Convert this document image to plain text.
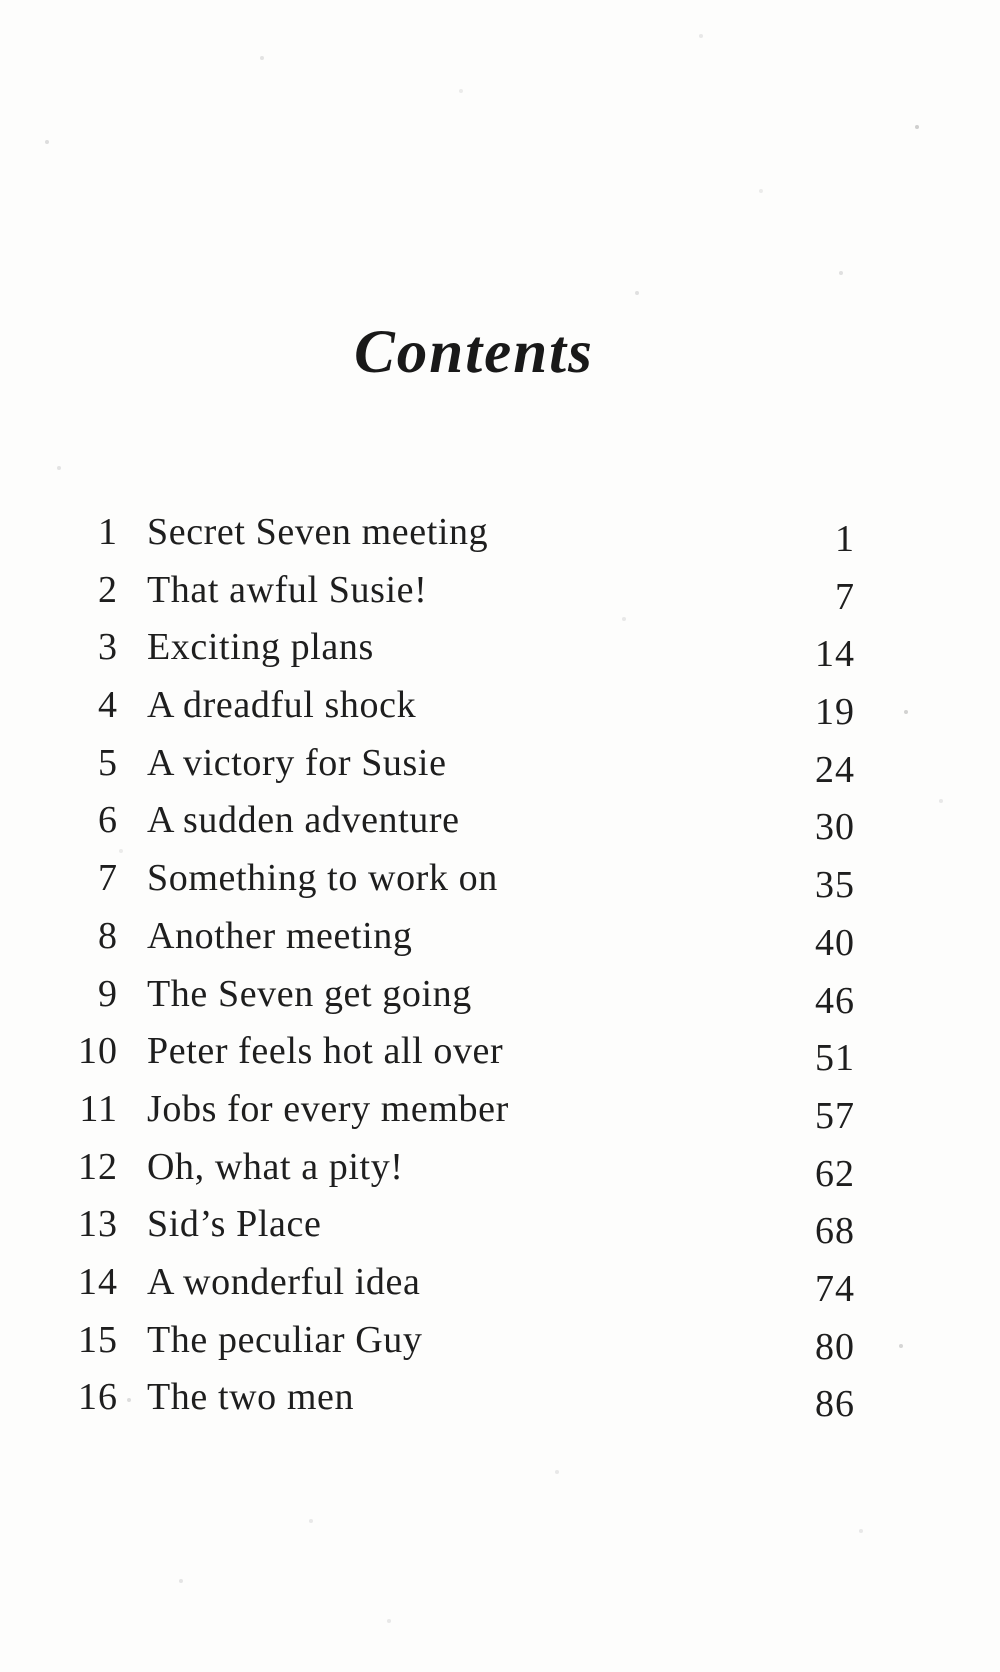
Contents
1 Secret Seven meeting	1
2 That awful Susie!	7
3 Exciting plans	14
4 A dreadful shock	19
5 A victory for Susie	24
6 A sudden adventure	30
7 Something to work on	35
8 Another meeting	40
9 The Seven get going	46
10 Peter feels hot all over	51
11 Jobs for every member	57
12 Oh, what a pity!	62
13 Sid’s Place	68
14 A wonderful idea	74
15 The peculiar Guy	80
16 The two men	86
